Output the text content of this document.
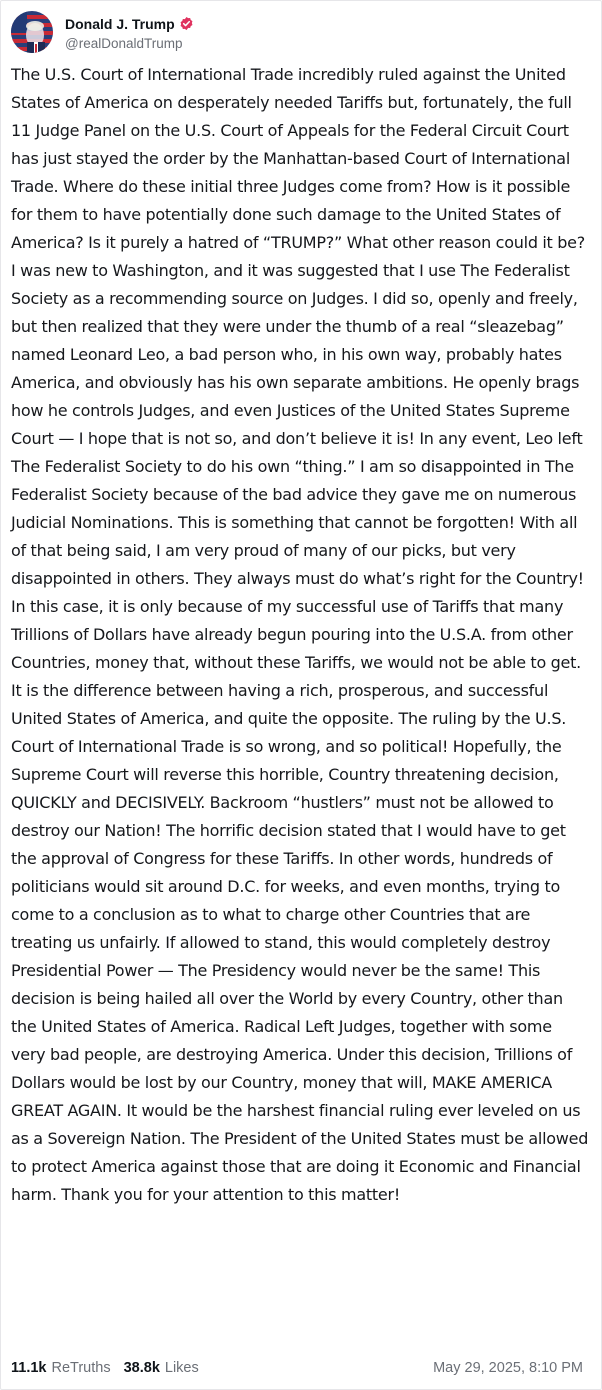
Donald J. Trump
@realDonaldTrump
The U.S. Court of International Trade incredibly ruled against the United States of America on desperately needed Tariffs but, fortunately, the full 11 Judge Panel on the U.S. Court of Appeals for the Federal Circuit Court has just stayed the order by the Manhattan-based Court of International Trade. Where do these initial three Judges come from? How is it possible for them to have potentially done such damage to the United States of America? Is it purely a hatred of “TRUMP?” What other reason could it be? I was new to Washington, and it was suggested that I use The Federalist Society as a recommending source on Judges. I did so, openly and freely, but then realized that they were under the thumb of a real “sleazebag” named Leonard Leo, a bad person who, in his own way, probably hates America, and obviously has his own separate ambitions. He openly brags how he controls Judges, and even Justices of the United States Supreme Court — I hope that is not so, and don’t believe it is! In any event, Leo left The Federalist Society to do his own “thing.” I am so disappointed in The Federalist Society because of the bad advice they gave me on numerous Judicial Nominations. This is something that cannot be forgotten! With all of that being said, I am very proud of many of our picks, but very disappointed in others. They always must do what’s right for the Country! In this case, it is only because of my successful use of Tariffs that many Trillions of Dollars have already begun pouring into the U.S.A. from other Countries, money that, without these Tariffs, we would not be able to get. It is the difference between having a rich, prosperous, and successful United States of America, and quite the opposite. The ruling by the U.S. Court of International Trade is so wrong, and so political! Hopefully, the Supreme Court will reverse this horrible, Country threatening decision, QUICKLY and DECISIVELY. Backroom “hustlers” must not be allowed to destroy our Nation! The horrific decision stated that I would have to get the approval of Congress for these Tariffs. In other words, hundreds of politicians would sit around D.C. for weeks, and even months, trying to come to a conclusion as to what to charge other Countries that are treating us unfairly. If allowed to stand, this would completely destroy Presidential Power — The Presidency would never be the same! This decision is being hailed all over the World by every Country, other than the United States of America. Radical Left Judges, together with some very bad people, are destroying America. Under this decision, Trillions of Dollars would be lost by our Country, money that will, MAKE AMERICA GREAT AGAIN. It would be the harshest financial ruling ever leveled on us as a Sovereign Nation. The President of the United States must be allowed to protect America against those that are doing it Economic and Financial harm. Thank you for your attention to this matter!
11.1k ReTruths 38.8k Likes	May 29, 2025, 8:10 PM
